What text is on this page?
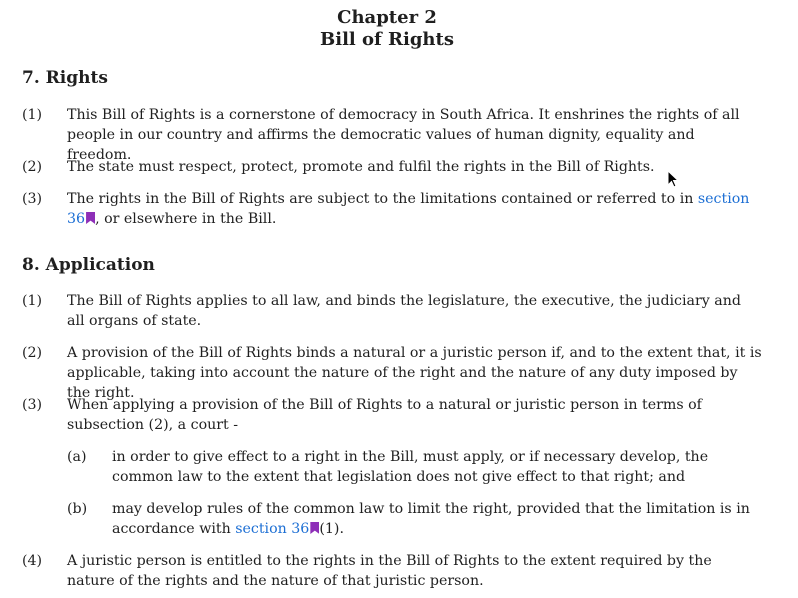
Chapter 2
Bill of Rights
7. Rights
(1)	This Bill of Rights is a cornerstone of democracy in South Africa. It enshrines the rights of all people in our country and affirms the democratic values of human dignity, equality and freedom.
(2)	The state must respect, protect, promote and fulfil the rights in the Bill of Rights.
(3)	The rights in the Bill of Rights are subject to the limitations contained or referred to in section 36 , or elsewhere in the Bill.
8. Application
(1)	The Bill of Rights applies to all law, and binds the legislature, the executive, the judiciary and all organs of state.
(2)	A provision of the Bill of Rights binds a natural or a juristic person if, and to the extent that, it is applicable, taking into account the nature of the right and the nature of any duty imposed by the right.
(3)	When applying a provision of the Bill of Rights to a natural or juristic person in terms of subsection (2), a court -
(a)	in order to give effect to a right in the Bill, must apply, or if necessary develop, the common law to the extent that legislation does not give effect to that right; and
(b)	may develop rules of the common law to limit the right, provided that the limitation is in accordance with section 36 (1).
(4)	A juristic person is entitled to the rights in the Bill of Rights to the extent required by the nature of the rights and the nature of that juristic person.
